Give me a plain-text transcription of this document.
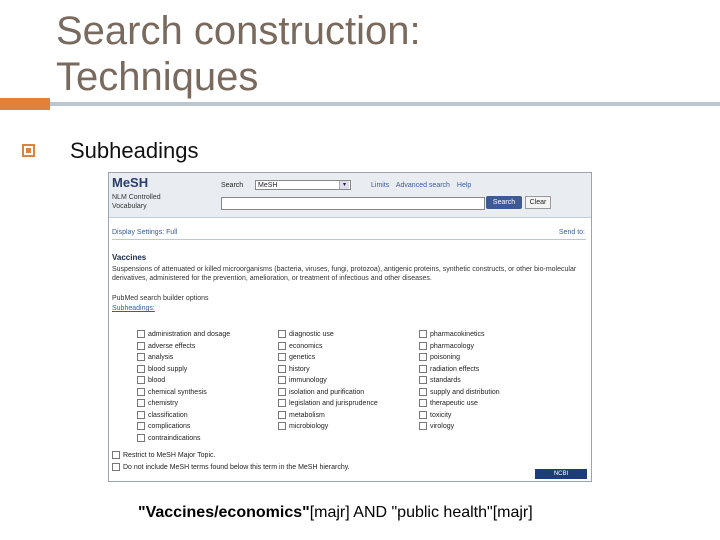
Search construction:
Techniques
Subheadings
MeSH
NLM Controlled Vocabulary
Search	MeSH	▾	Limits Advanced search Help
Search	Clear
Display Settings: Full	Send to:
Vaccines
Suspensions of attenuated or killed microorganisms (bacteria, viruses, fungi, protozoa), antigenic proteins, synthetic constructs, or other bio-molecular derivatives, administered for the prevention, amelioration, or treatment of infectious and other diseases.
PubMed search builder options
Subheadings:
administration and dosage
adverse effects
analysis
blood supply
blood
chemical synthesis
chemistry
classification
complications
contraindications
diagnostic use
economics
genetics
history
immunology
isolation and purification
legislation and jurisprudence
metabolism
microbiology
pharmacokinetics
pharmacology
poisoning
radiation effects
standards
supply and distribution
therapeutic use
toxicity
virology
Restrict to MeSH Major Topic.
Do not include MeSH terms found below this term in the MeSH hierarchy.
NCBI
"Vaccines/economics"[majr] AND "public health"[majr]
